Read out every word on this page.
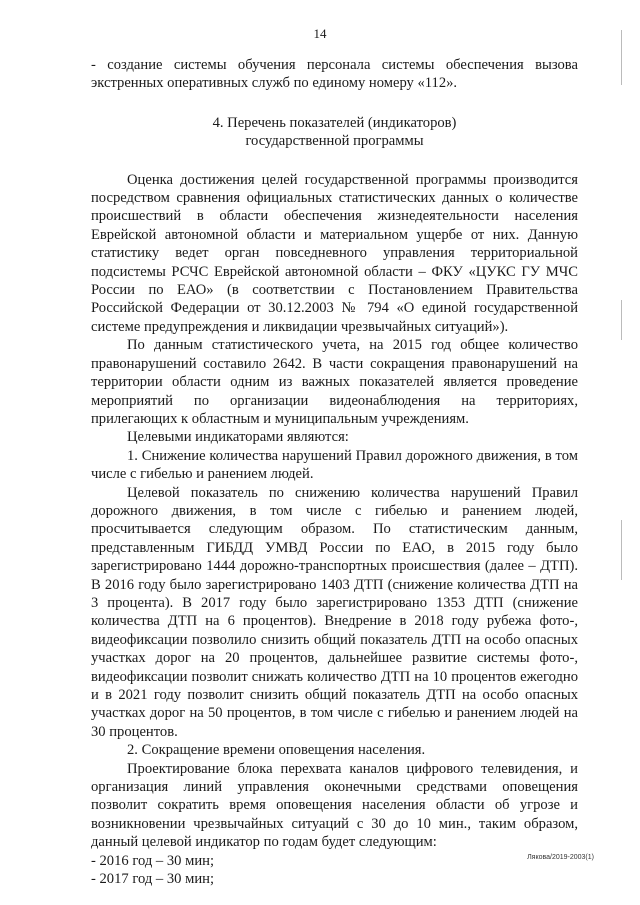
14

- создание системы обучения персонала системы обеспечения вызова экстренных оперативных служб по единому номеру «112».

4. Перечень показателей (индикаторов)
государственной программы

Оценка достижения целей государственной программы производится посредством сравнения официальных статистических данных о количестве происшествий в области обеспечения жизнедеятельности населения Еврейской автономной области и материальном ущербе от них. Данную статистику ведет орган повседневного управления территориальной подсистемы РСЧС Еврейской автономной области – ФКУ «ЦУКС ГУ МЧС России по ЕАО» (в соответствии с Постановлением Правительства Российской Федерации от 30.12.2003 № 794 «О единой государственной системе предупреждения и ликвидации чрезвычайных ситуаций»).

По данным статистического учета, на 2015 год общее количество правонарушений составило 2642. В части сокращения правонарушений на территории области одним из важных показателей является проведение мероприятий по организации видеонаблюдения на территориях, прилегающих к областным и муниципальным учреждениям.

Целевыми индикаторами являются:

1. Снижение количества нарушений Правил дорожного движения, в том числе с гибелью и ранением людей.

Целевой показатель по снижению количества нарушений Правил дорожного движения, в том числе с гибелью и ранением людей, просчитывается следующим образом. По статистическим данным, представленным ГИБДД УМВД России по ЕАО, в 2015 году было зарегистрировано 1444 дорожно-транспортных происшествия (далее – ДТП). В 2016 году было зарегистрировано 1403 ДТП (снижение количества ДТП на 3 процента). В 2017 году было зарегистрировано 1353 ДТП (снижение количества ДТП на 6 процентов). Внедрение в 2018 году рубежа фото-, видеофиксации позволило снизить общий показатель ДТП на особо опасных участках дорог на 20 процентов, дальнейшее развитие системы фото-, видеофиксации позволит снижать количество ДТП на 10 процентов ежегодно и в 2021 году позволит снизить общий показатель ДТП на особо опасных участках дорог на 50 процентов, в том числе с гибелью и ранением людей на 30 процентов.

2. Сокращение времени оповещения населения.

Проектирование блока перехвата каналов цифрового телевидения, и организация линий управления оконечными средствами оповещения позволит сократить время оповещения населения области об угрозе и возникновении чрезвычайных ситуаций с 30 до 10 мин., таким образом, данный целевой индикатор по годам будет следующим:

- 2016 год – 30 мин;

- 2017 год – 30 мин;

Лякова/2019-2003(1)
